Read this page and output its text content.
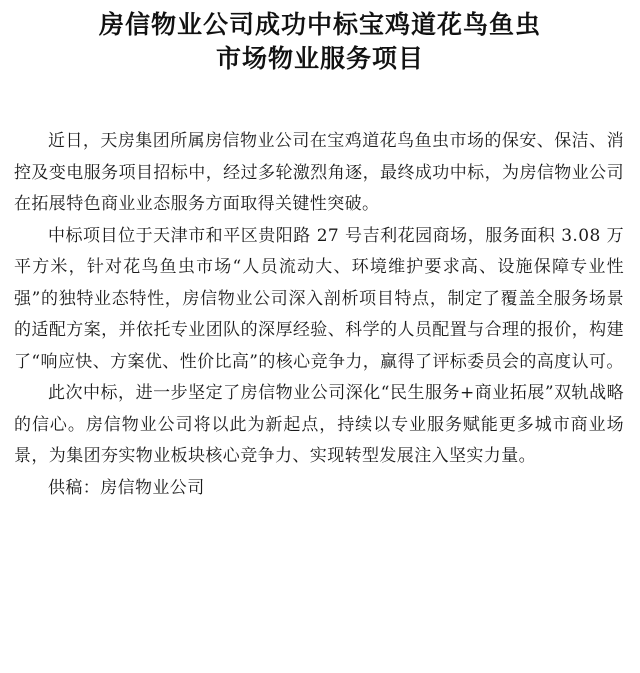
房信物业公司成功中标宝鸡道花鸟鱼虫
市场物业服务项目

近日，天房集团所属房信物业公司在宝鸡道花鸟鱼虫市场的保安、保洁、消控及变电服务项目招标中，经过多轮激烈角逐，最终成功中标，为房信物业公司在拓展特色商业业态服务方面取得关键性突破。

中标项目位于天津市和平区贵阳路 27 号吉利花园商场，服务面积 3.08 万平方米，针对花鸟鱼虫市场“人员流动大、环境维护要求高、设施保障专业性强”的独特业态特性，房信物业公司深入剖析项目特点，制定了覆盖全服务场景的适配方案，并依托专业团队的深厚经验、科学的人员配置与合理的报价，构建了“响应快、方案优、性价比高”的核心竞争力，赢得了评标委员会的高度认可。

此次中标，进一步坚定了房信物业公司深化“民生服务+商业拓展”双轨战略的信心。房信物业公司将以此为新起点，持续以专业服务赋能更多城市商业场景，为集团夯实物业板块核心竞争力、实现转型发展注入坚实力量。

供稿：房信物业公司
